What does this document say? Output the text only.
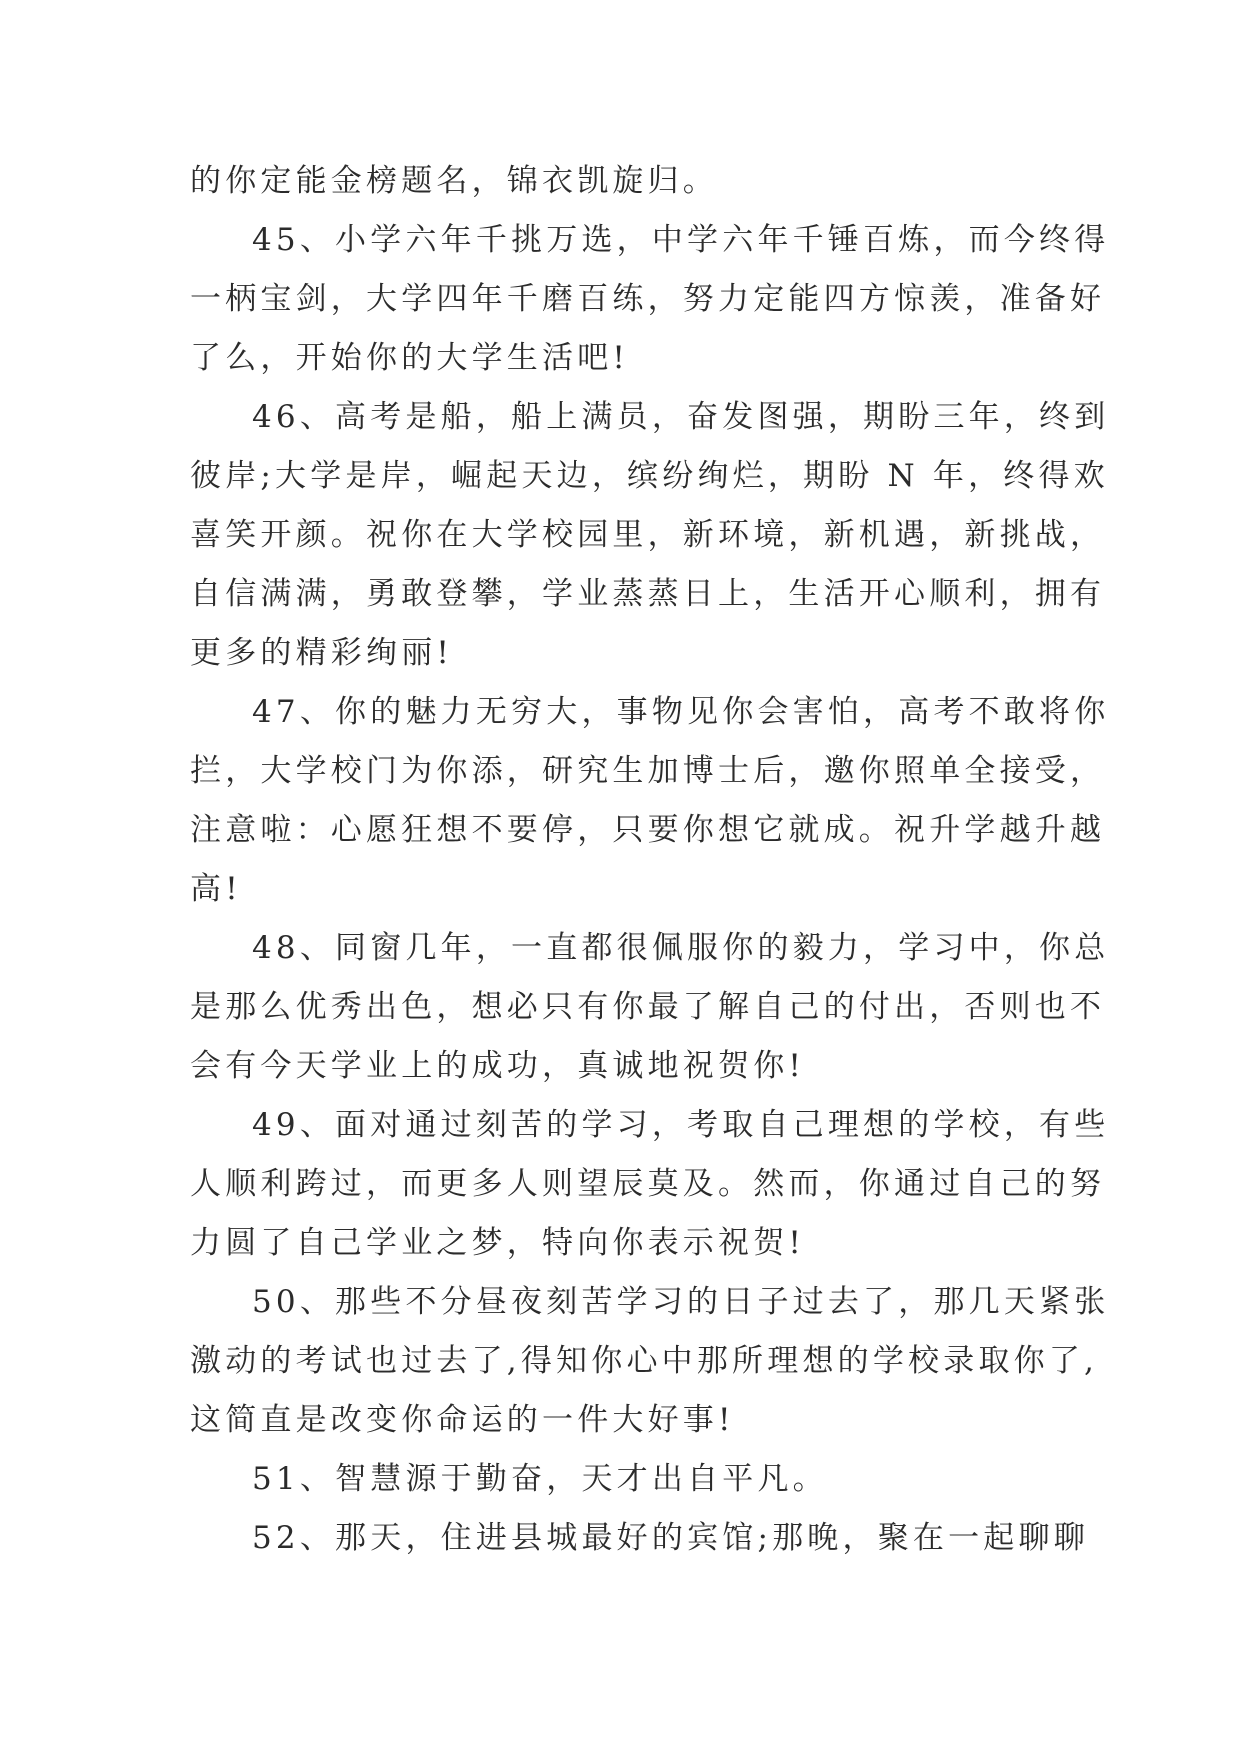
的你定能金榜题名，锦衣凯旋归。

45、小学六年千挑万选，中学六年千锤百炼，而今终得
一柄宝剑，大学四年千磨百练，努力定能四方惊羡，准备好
了么，开始你的大学生活吧!

46、高考是船，船上满员，奋发图强，期盼三年，终到
彼岸;大学是岸，崛起天边，缤纷绚烂，期盼 N 年，终得欢
喜笑开颜。祝你在大学校园里，新环境，新机遇，新挑战，
自信满满，勇敢登攀，学业蒸蒸日上，生活开心顺利，拥有
更多的精彩绚丽!

47、你的魅力无穷大，事物见你会害怕，高考不敢将你
拦，大学校门为你添，研究生加博士后，邀你照单全接受，
注意啦：心愿狂想不要停，只要你想它就成。祝升学越升越
高!

48、同窗几年，一直都很佩服你的毅力，学习中，你总
是那么优秀出色，想必只有你最了解自己的付出，否则也不
会有今天学业上的成功，真诚地祝贺你!

49、面对通过刻苦的学习，考取自己理想的学校，有些
人顺利跨过，而更多人则望辰莫及。然而，你通过自己的努
力圆了自己学业之梦，特向你表示祝贺!

50、那些不分昼夜刻苦学习的日子过去了，那几天紧张
激动的考试也过去了,得知你心中那所理想的学校录取你了,
这简直是改变你命运的一件大好事!

51、智慧源于勤奋，天才出自平凡。

52、那天，住进县城最好的宾馆;那晚，聚在一起聊聊
